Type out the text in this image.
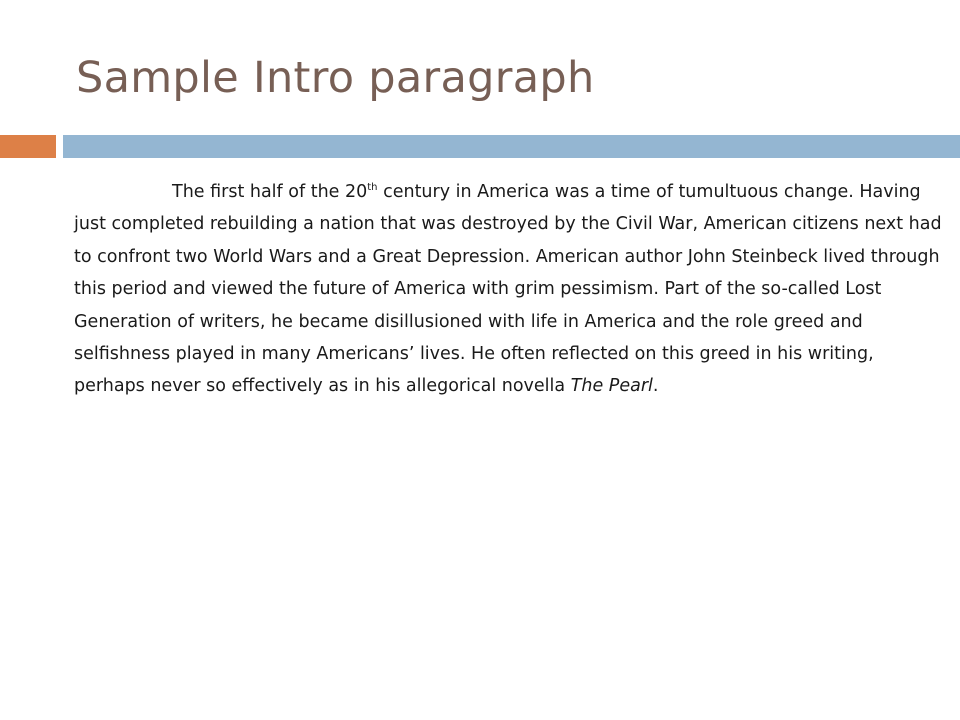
Sample Intro paragraph

The first half of the 20th century in America was a time of tumultuous change. Having just completed rebuilding a nation that was destroyed by the Civil War, American citizens next had to confront two World Wars and a Great Depression. American author John Steinbeck lived through this period and viewed the future of America with grim pessimism. Part of the so-called Lost Generation of writers, he became disillusioned with life in America and the role greed and selfishness played in many Americans’ lives. He often reflected on this greed in his writing, perhaps never so effectively as in his allegorical novella The Pearl.
